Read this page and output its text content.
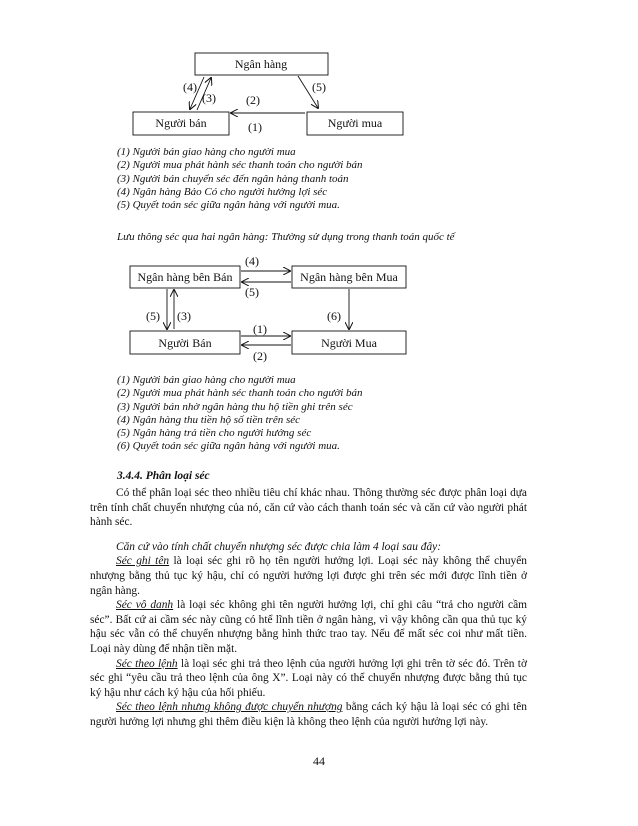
Ngân hàng
Người bán	Người mua
(4)
(3)	(2)
(1)
(5)
(1) Người bán giao hàng cho người mua
(2) Người mua phát hành séc thanh toán cho người bán
(3) Người bán chuyển séc đến ngân hàng thanh toán
(4) Ngân hàng Bảo Có cho người hưởng lợi séc
(5) Quyết toán séc giữa ngân hàng với người mua.
Lưu thông séc qua hai ngân hàng: Thường sử dụng trong thanh toán quốc tế
Ngân hàng bên Bán	Ngân hàng bên Mua
Người Bán	Người Mua
(4)
(5)
(5) (3)	(6)
(1)
(2)
(1) Người bán giao hàng cho người mua
(2) Người mua phát hành séc thanh toán cho người bán
(3) Người bán nhờ ngân hàng thu hộ tiền ghi trên séc
(4) Ngân hàng thu tiền hộ số tiền trên séc
(5) Ngân hàng trả tiền cho người hưởng séc
(6) Quyết toán séc giữa ngân hàng với người mua.
3.4.4. Phân loại séc

Có thể phân loại séc theo nhiều tiêu chí khác nhau. Thông thường séc được phân loại dựa trên tính chất chuyển nhượng của nó, căn cứ vào cách thanh toán séc và căn cứ vào người phát hành séc.

Căn cứ vào tính chất chuyển nhượng séc được chia làm 4 loại sau đây:

Séc ghi tên là loại séc ghi rõ họ tên người hưởng lợi. Loại séc này không thể chuyển nhượng bằng thủ tục ký hậu, chỉ có người hưởng lợi được ghi trên séc mới được lĩnh tiền ở ngân hàng.

Séc vô danh là loại séc không ghi tên người hưởng lợi, chỉ ghi câu “trả cho người cầm séc”. Bất cứ ai cầm séc này cũng có htể lĩnh tiền ở ngân hàng, vì vậy không cần qua thủ tục ký hậu séc vẫn có thể chuyển nhượng bằng hình thức trao tay. Nếu để mất séc coi như mất tiền. Loại này dùng để nhận tiền mặt.

Séc theo lệnh là loại séc ghi trả theo lệnh của người hưởng lợi ghi trên tờ séc đó. Trên tờ séc ghi “yêu cầu trả theo lệnh của ông X”. Loại này có thể chuyển nhượng được bằng thủ tục ký hậu như cách ký hậu của hối phiếu.

Séc theo lệnh nhưng không được chuyển nhượng bằng cách ký hậu là loại séc có ghi tên người hưởng lợi nhưng ghi thêm điều kiện là không theo lệnh của người hưởng lợi này.

44
